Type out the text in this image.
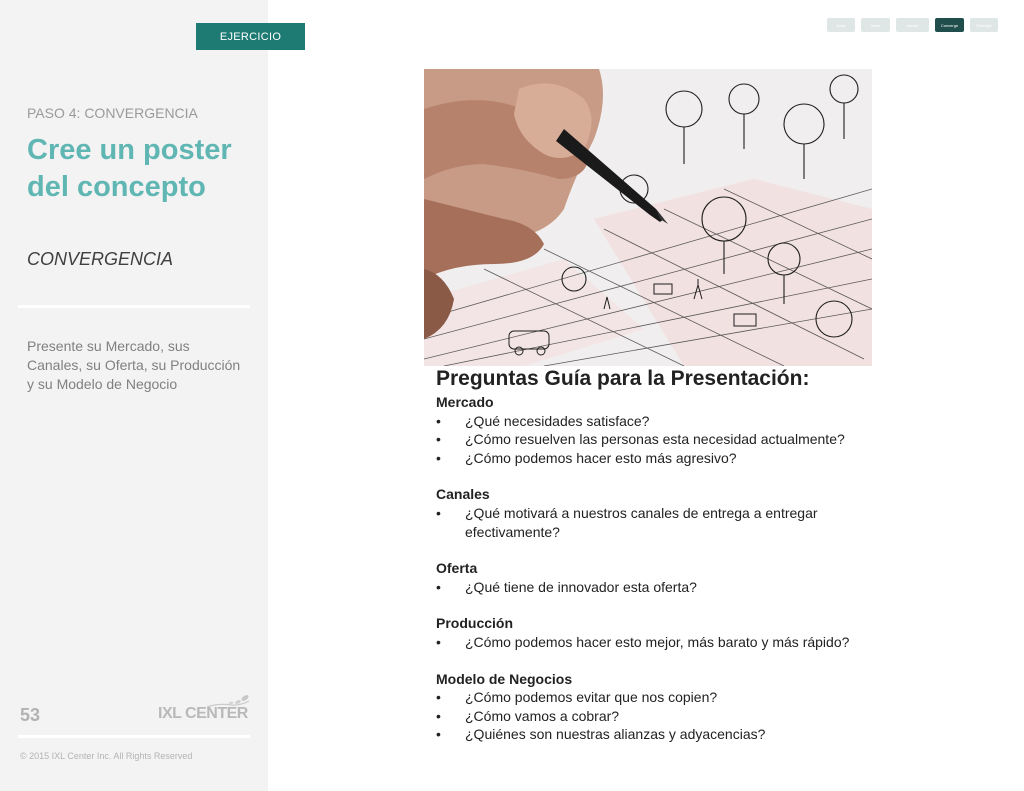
PASO 4: CONVERGENCIA
Cree un poster del concepto
CONVERGENCIA
Presente su Mercado, sus Canales, su Oferta, su Producción y su Modelo de Negocio
53	IXL CENTER
© 2015 IXL Center Inc. All Rights Reserved
EJERCICIO
Scop	Imme	Ideate	Converge	Strategiz
Preguntas Guía para la Presentación:
Mercado
• ¿Qué necesidades satisface?
• ¿Cómo resuelven las personas esta necesidad actualmente?
• ¿Cómo podemos hacer esto más agresivo?
Canales
• ¿Qué motivará a nuestros canales de entrega a entregar efectivamente?
Oferta
• ¿Qué tiene de innovador esta oferta?
Producción
• ¿Cómo podemos hacer esto mejor, más barato y más rápido?
Modelo de Negocios
• ¿Cómo podemos evitar que nos copien?
• ¿Cómo vamos a cobrar?
• ¿Quiénes son nuestras alianzas y adyacencias?
